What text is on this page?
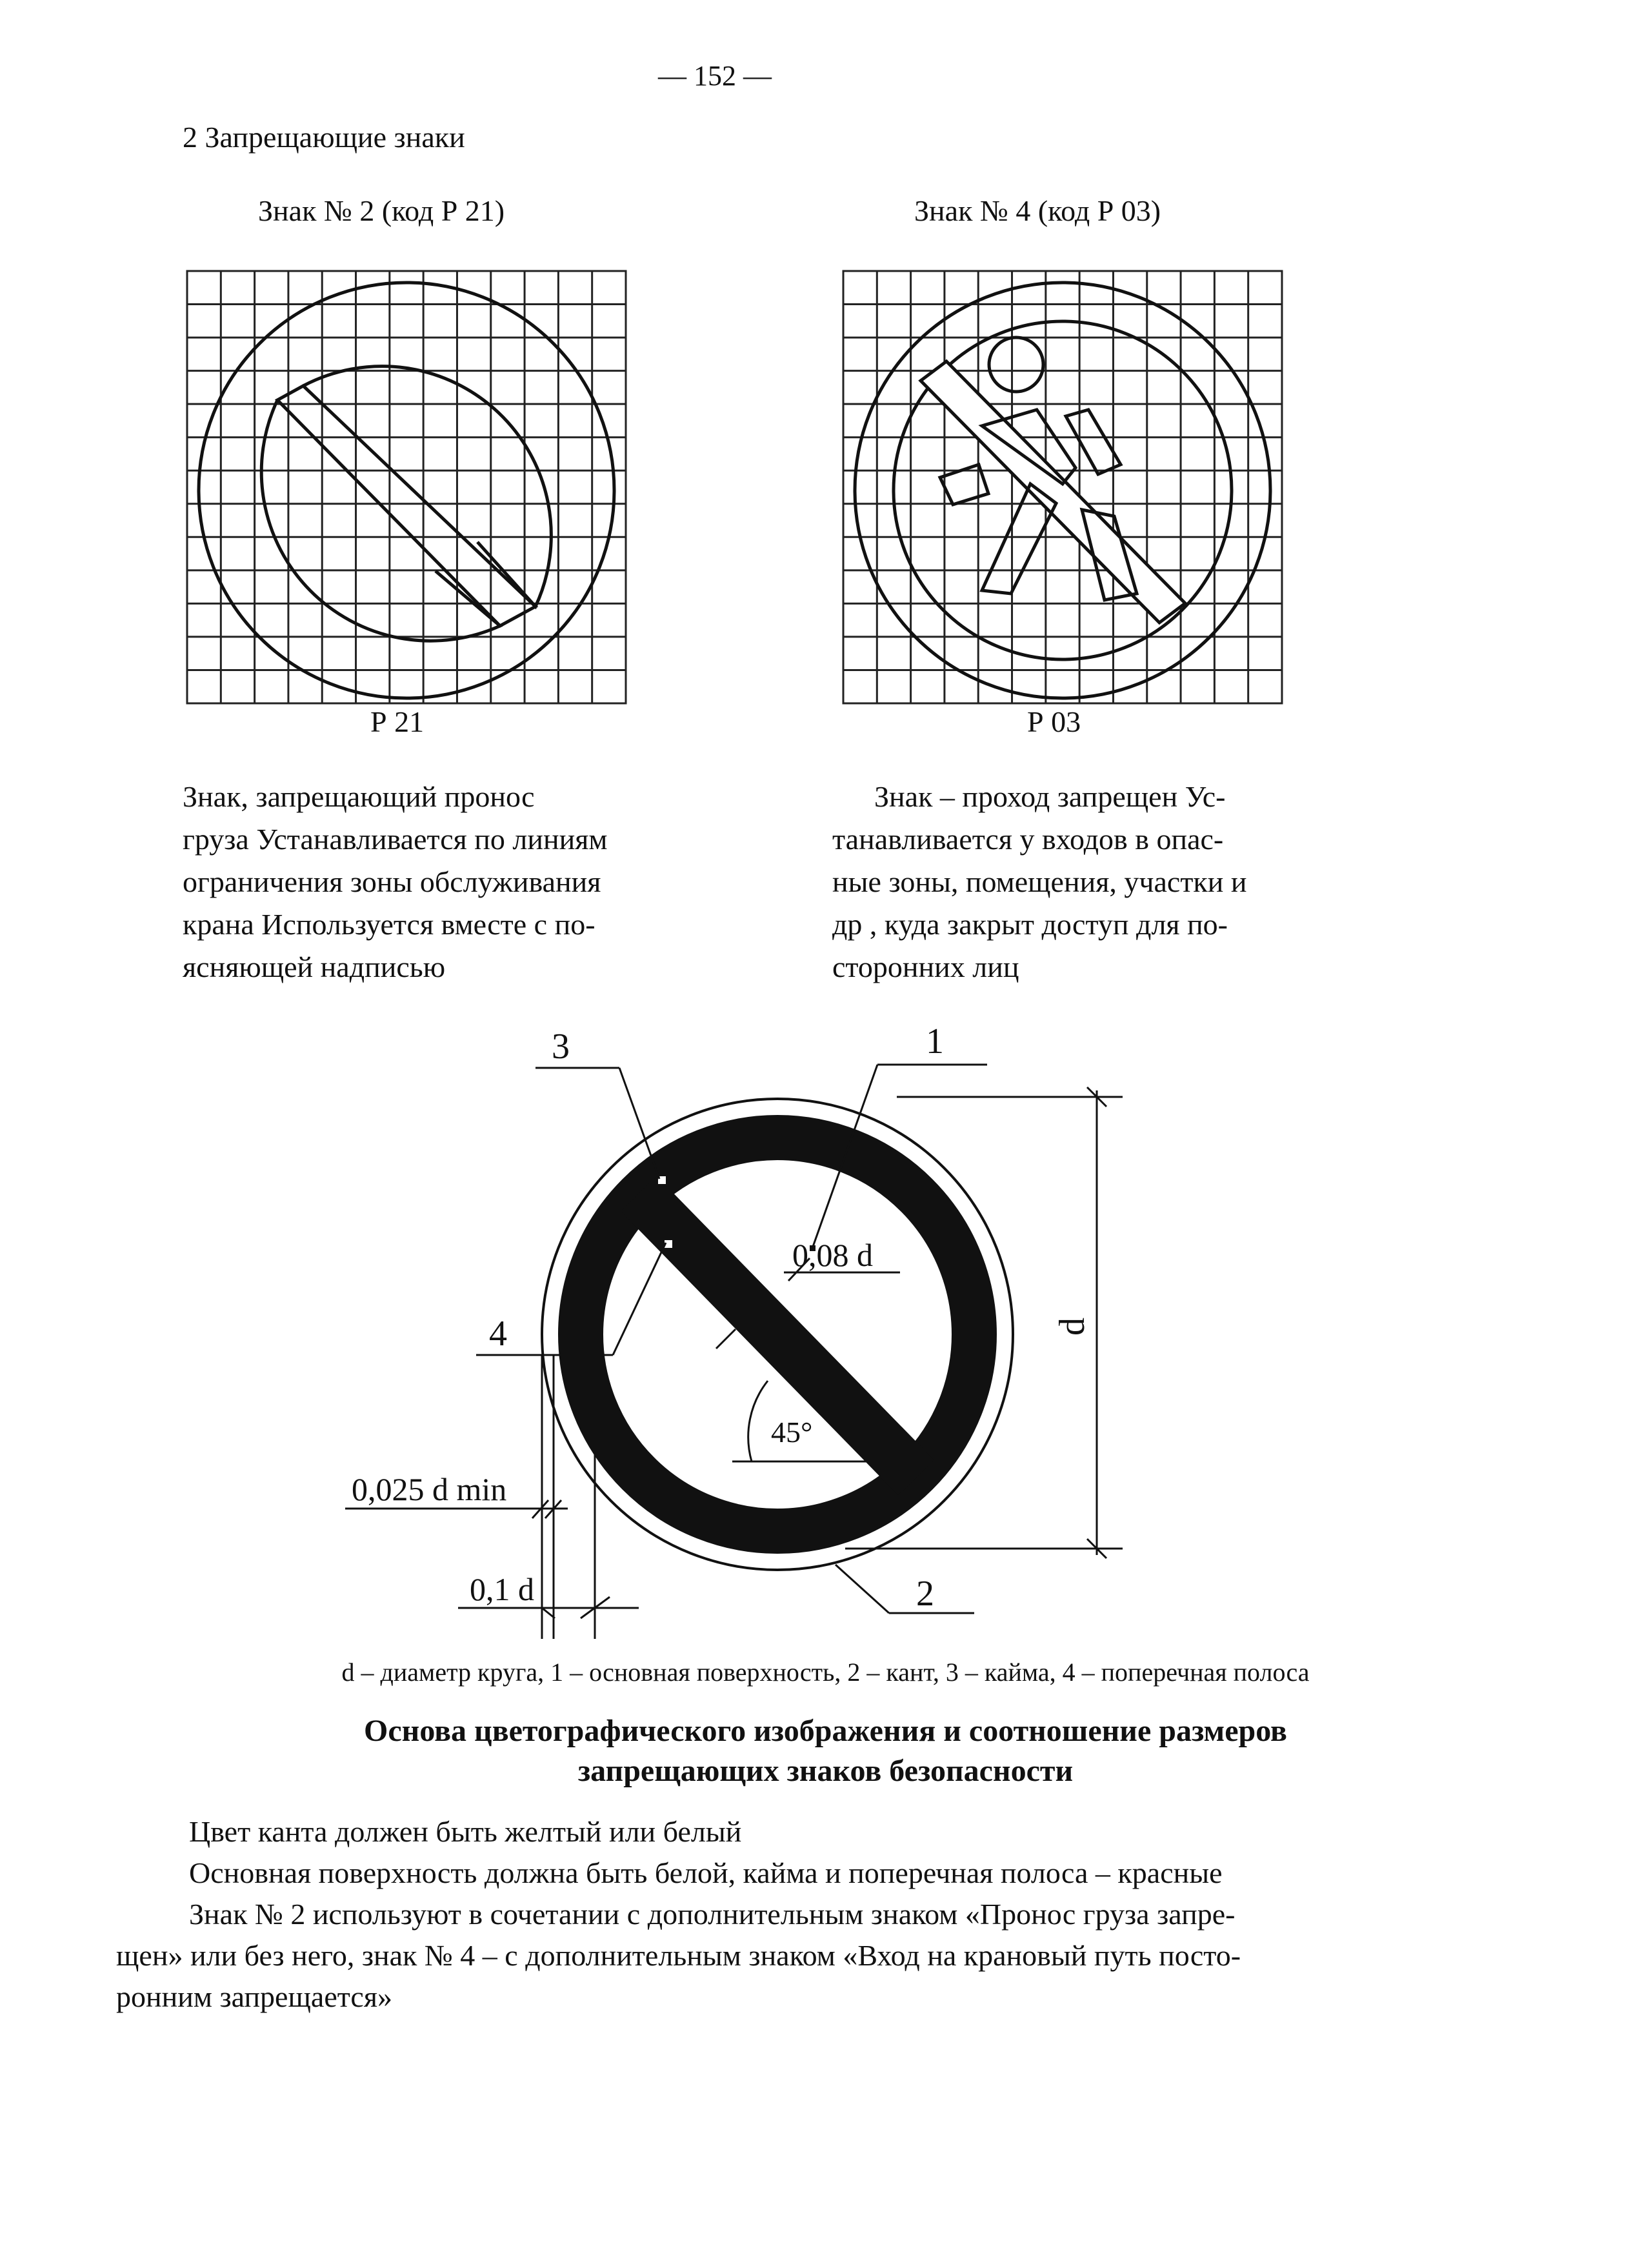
— 152 —
2 Запрещающие знаки
Знак № 2 (код Р 21)	Знак № 4 (код Р 03)
Р 21	Р 03
Знак, запрещающий пронос
груза Устанавливается по линиям
ограничения зоны обслуживания
крана Используется вместе с по-
ясняющей надписью
Знак – проход запрещен Ус-
танавливается у входов в опас-
ные зоны, помещения, участки и
др , куда закрыт доступ для по-
сторонних лиц
3	1
4
2
0,08 d
45°
0,025 d min
0,1 d
d
d – диаметр круга, 1 – основная поверхность, 2 – кант, 3 – кайма, 4 – поперечная полоса
Основа цветографического изображения и соотношение размеров
запрещающих знаков безопасности
Цвет канта должен быть желтый или белый
Основная поверхность должна быть белой, кайма и поперечная полоса – красные
Знак № 2 используют в сочетании с дополнительным знаком «Пронос груза запре-
щен» или без него, знак № 4 – с дополнительным знаком «Вход на крановый путь посто-
ронним запрещается»
